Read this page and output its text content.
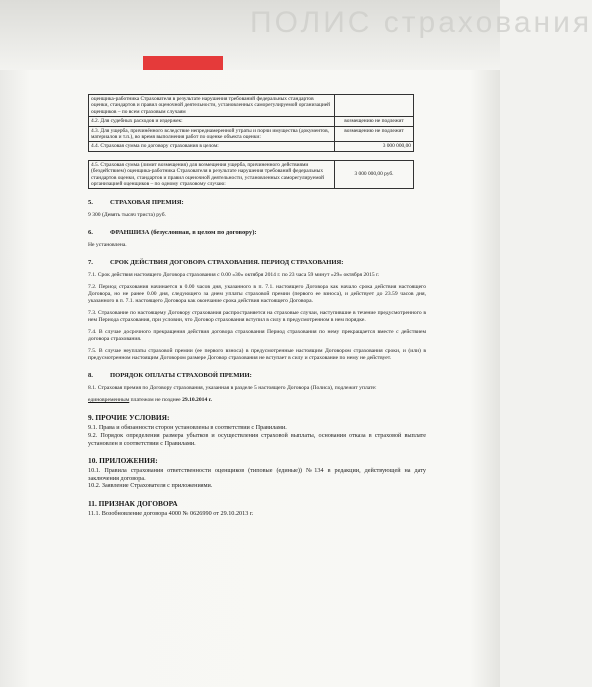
ПОЛИС страхования
оценщика-работника Страхователя в результате нарушения требований федеральных стандартов оценки, стандартов и правил оценочной деятельности, установленных саморегулируемой организацией оценщиков – по всем страховым случаям	
4.2. Для судебных расходов и издержек:	возмещению не подлежит
4.3. Для ущерба, причинённого вследствие непреднамеренной утраты и порчи имущества (документов, материалов и т.п.), во время выполнения работ по оценке объекта оценки:	возмещению не подлежит
4.4. Страховая сумма по договору страхования в целом:	3 000 000,00
4.5. Страховая сумма (лимит возмещения) для возмещения ущерба, причиненного действиями (бездействием) оценщика-работника Страхователя в результате нарушения требований федеральных стандартов оценки, стандартов и правил оценочной деятельности, установленных саморегулируемой организацией оценщиков – по одному страховому случаю:	3 000 000,00 руб.
5.	СТРАХОВАЯ ПРЕМИЯ:

9 300 (Девять тысяч триста) руб.

6.	ФРАНШИЗА (безусловная, в целом по договору):

Не установлена.

7.	СРОК ДЕЙСТВИЯ ДОГОВОРА СТРАХОВАНИЯ. ПЕРИОД СТРАХОВАНИЯ:

7.1. Срок действия настоящего Договора страхования с 0.00 «30» октября 2014 г. по 23 часа 59 минут «29» октября 2015 г.

7.2. Период страхования начинается в 0.00 часов дня, указанного в п. 7.1. настоящего Договора как начало срока действия настоящего Договора, но не ранее 0.00 дня, следующего за днем уплаты страховой премии (первого ее взноса), и действует до 23.59 часов дня, указанного в п. 7.1. настоящего Договора как окончание срока действия настоящего Договора.

7.3. Страхование по настоящему Договору страхования распространяется на страховые случаи, наступившие в течение предусмотренного в нем Периода страхования, при условии, что Договор страхования вступил в силу в предусмотренном в нем порядке.

7.4. В случае досрочного прекращения действия договора страхования Период страхования по нему прекращается вместе с действием договора страхования.

7.5. В случае неуплаты страховой премии (ее первого взноса) в предусмотренные настоящим Договором страхования сроки, и (или) в предусмотренном настоящим Договором размере Договор страхования не вступает в силу и страхование по нему не действует.

8.	ПОРЯДОК ОПЛАТЫ СТРАХОВОЙ ПРЕМИИ:

8.1. Страховая премия по Договору страхования, указанная в разделе 5 настоящего Договора (Полиса), подлежит уплате:

единовременным платежом не позднее 29.10.2014 г.

9. ПРОЧИЕ УСЛОВИЯ:

9.1. Права и обязанности сторон установлены в соответствии с Правилами.

9.2. Порядок определения размера убытков и осуществления страховой выплаты, основания отказа в страховой выплате установлен в соответствии с Правилами.

10. ПРИЛОЖЕНИЯ:

10.1. Правила страхования ответственности оценщиков (типовые (единые)) №134 в редакции, действующей на дату заключения договора.

10.2. Заявление Страхователя с приложениями.

11. ПРИЗНАК ДОГОВОРА

11.1. Возобновление договора 4000 № 0626990 от 29.10.2013 г.
